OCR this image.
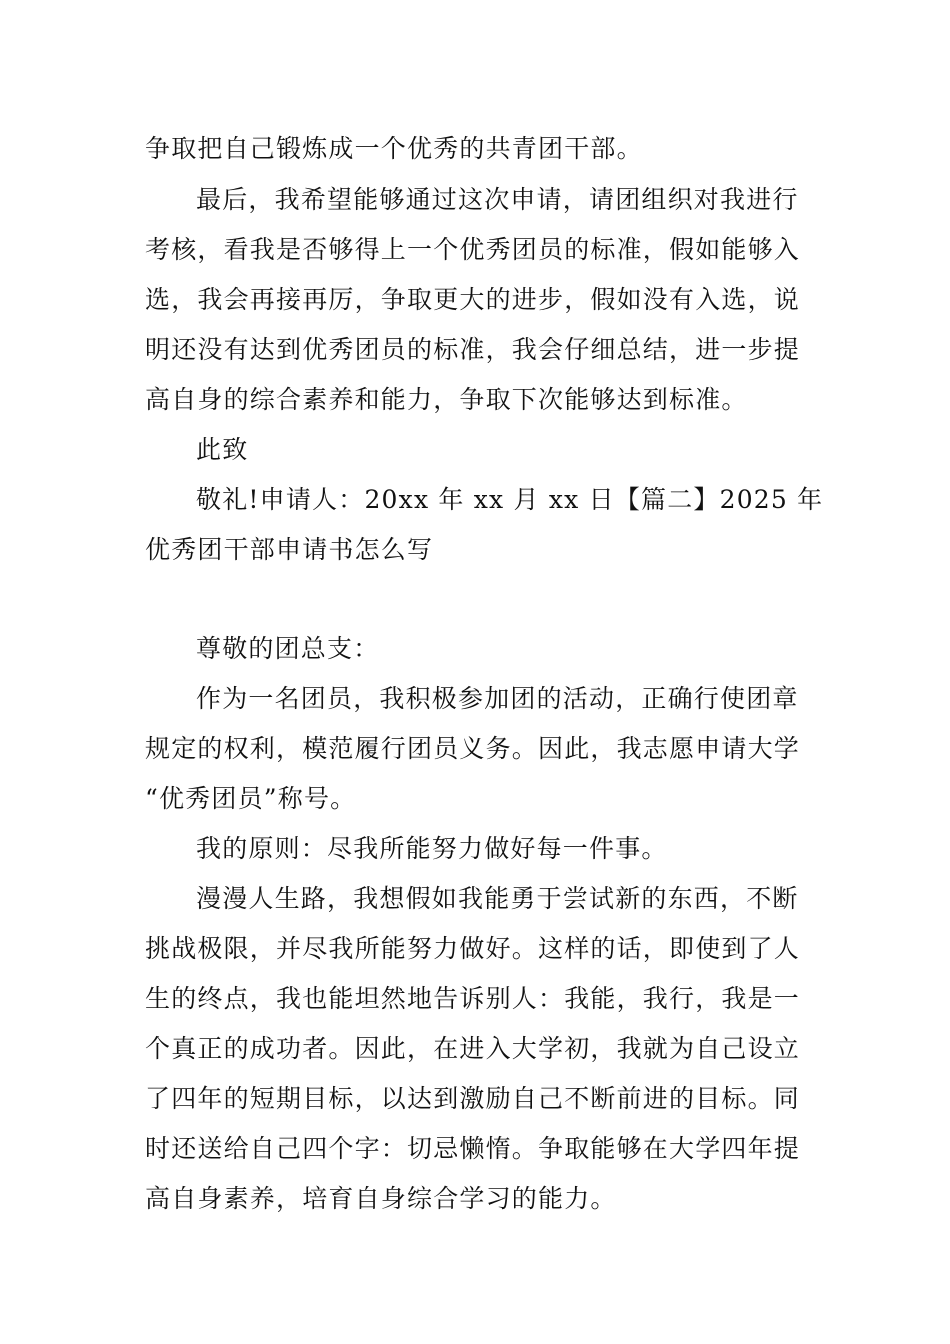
争取把自己锻炼成一个优秀的共青团干部。
最后，我希望能够通过这次申请，请团组织对我进行
考核，看我是否够得上一个优秀团员的标准，假如能够入
选，我会再接再厉，争取更大的进步，假如没有入选，说
明还没有达到优秀团员的标准，我会仔细总结，进一步提
高自身的综合素养和能力，争取下次能够达到标准。
此致
敬礼!申请人：20xx 年 xx 月 xx 日 【篇二】2025 年
优秀团干部申请书怎么写
尊敬的团总支：
作为一名团员，我积极参加团的活动，正确行使团章
规定的权利，模范履行团员义务。因此，我志愿申请大学
“优秀团员”称号。
我的原则：尽我所能努力做好每一件事。
漫漫人生路，我想假如我能勇于尝试新的东西，不断
挑战极限，并尽我所能努力做好。这样的话，即使到了人
生的终点，我也能坦然地告诉别人：我能，我行，我是一
个真正的成功者。因此，在进入大学初，我就为自己设立
了四年的短期目标，以达到激励自己不断前进的目标。同
时还送给自己四个字：切忌懒惰。争取能够在大学四年提
高自身素养，培育自身综合学习的能力。
